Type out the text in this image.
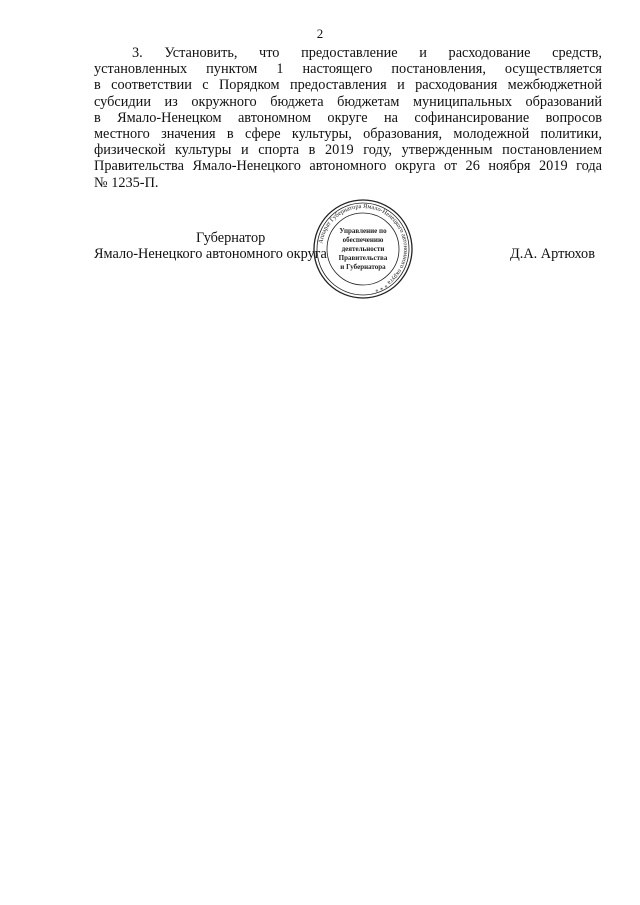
2
3. Установить, что предоставление и расходование средств,
установленных пунктом 1 настоящего постановления, осуществляется
в соответствии с Порядком предоставления и расходования межбюджетной
субсидии из окружного бюджета бюджетам муниципальных образований
в Ямало-Ненецком автономном округе на софинансирование вопросов
местного значения в сфере культуры, образования, молодежной политики,
физической культуры и спорта в 2019 году, утвержденным постановлением
Правительства Ямало-Ненецкого автономного округа от 26 ноября 2019 года
№ 1235-П.
Губернатор
Ямало-Ненецкого автономного округа	Д.А. Артюхов
Аппарат Губернатора Ямало-Ненецкого автономного округа * * *
Управление по
обеспечению
деятельности
Правительства
и Губернатора
